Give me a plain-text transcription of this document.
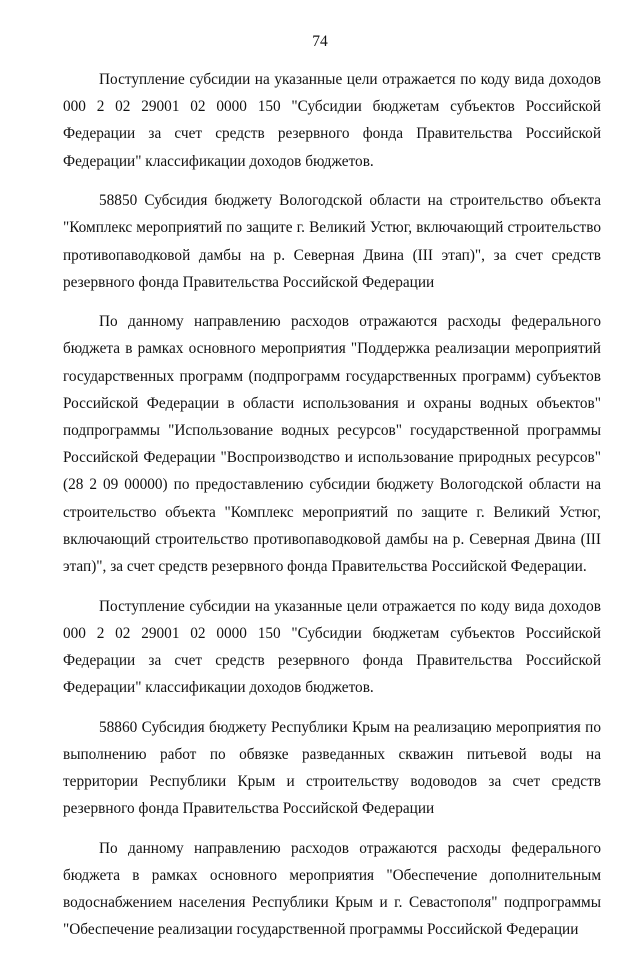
74

Поступление субсидии на указанные цели отражается по коду вида доходов 000 2 02 29001 02 0000 150 "Субсидии бюджетам субъектов Российской Федерации за счет средств резервного фонда Правительства Российской Федерации" классификации доходов бюджетов.

58850 Субсидия бюджету Вологодской области на строительство объекта "Комплекс мероприятий по защите г. Великий Устюг, включающий строительство противопаводковой дамбы на р. Северная Двина (III этап)", за счет средств резервного фонда Правительства Российской Федерации

По данному направлению расходов отражаются расходы федерального бюджета в рамках основного мероприятия "Поддержка реализации мероприятий государственных программ (подпрограмм государственных программ) субъектов Российской Федерации в области использования и охраны водных объектов" подпрограммы "Использование водных ресурсов" государственной программы Российской Федерации "Воспроизводство и использование природных ресурсов" (28 2 09 00000) по предоставлению субсидии бюджету Вологодской области на строительство объекта "Комплекс мероприятий по защите г. Великий Устюг, включающий строительство противопаводковой дамбы на р. Северная Двина (III этап)", за счет средств резервного фонда Правительства Российской Федерации.

Поступление субсидии на указанные цели отражается по коду вида доходов 000 2 02 29001 02 0000 150 "Субсидии бюджетам субъектов Российской Федерации за счет средств резервного фонда Правительства Российской Федерации" классификации доходов бюджетов.

58860 Субсидия бюджету Республики Крым на реализацию мероприятия по выполнению работ по обвязке разведанных скважин питьевой воды на территории Республики Крым и строительству водоводов за счет средств резервного фонда Правительства Российской Федерации

По данному направлению расходов отражаются расходы федерального бюджета в рамках основного мероприятия "Обеспечение дополнительным водоснабжением населения Республики Крым и г. Севастополя" подпрограммы "Обеспечение реализации государственной программы Российской Федерации
